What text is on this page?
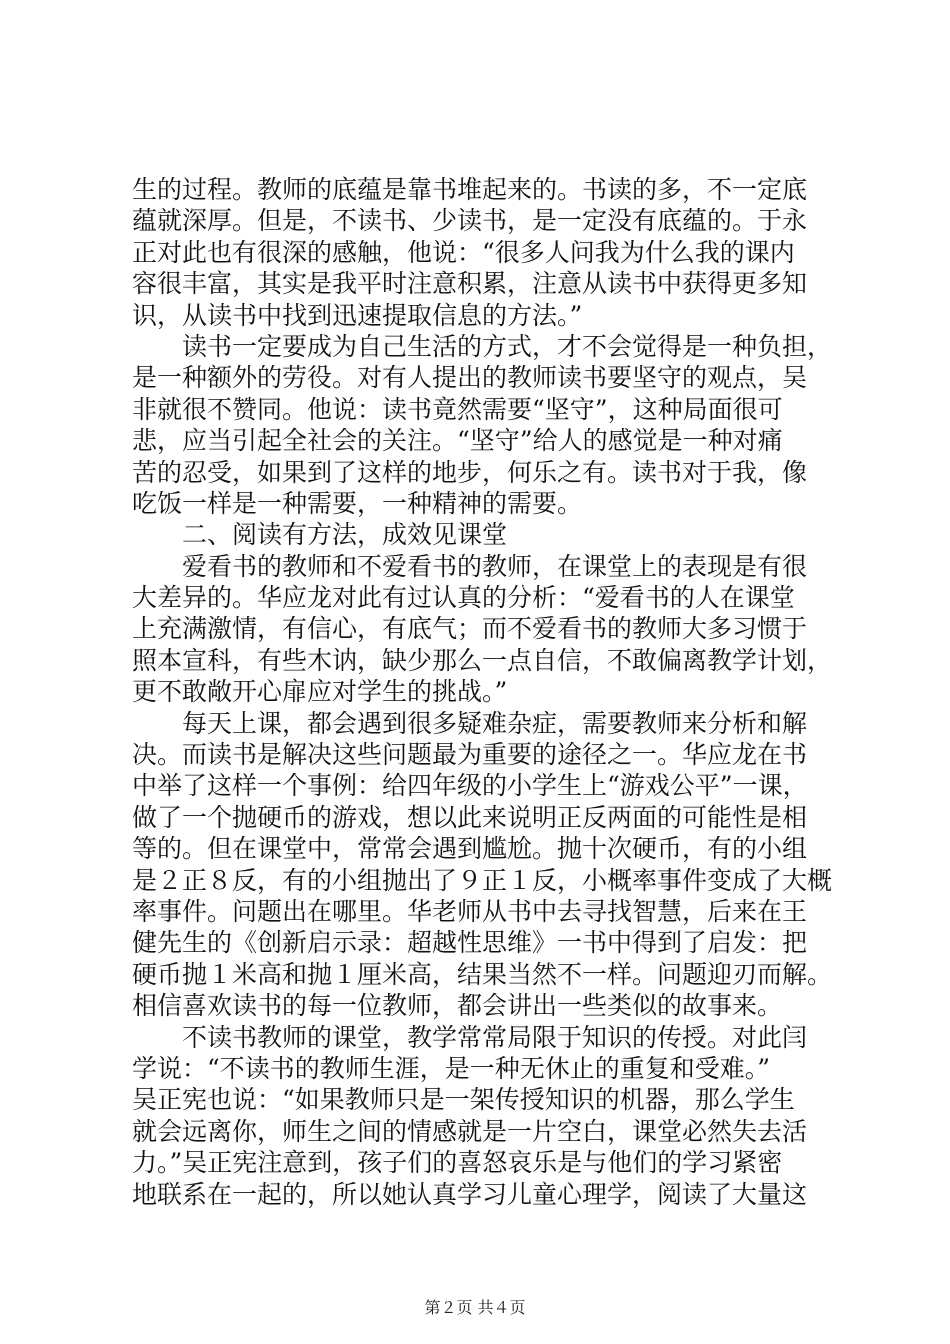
生的过程。教师的底蕴是靠书堆起来的。书读的多，不一定底
蕴就深厚。但是，不读书、少读书，是一定没有底蕴的。于永
正对此也有很深的感触，他说：“很多人问我为什么我的课内
容很丰富，其实是我平时注意积累，注意从读书中获得更多知
识，从读书中找到迅速提取信息的方法。”
读书一定要成为自己生活的方式，才不会觉得是一种负担，
是一种额外的劳役。对有人提出的教师读书要坚守的观点，吴
非就很不赞同。他说：读书竟然需要“坚守”，这种局面很可
悲，应当引起全社会的关注。“坚守”给人的感觉是一种对痛
苦的忍受，如果到了这样的地步，何乐之有。读书对于我，像
吃饭一样是一种需要，一种精神的需要。
二、阅读有方法，成效见课堂
爱看书的教师和不爱看书的教师，在课堂上的表现是有很
大差异的。华应龙对此有过认真的分析：“爱看书的人在课堂
上充满激情，有信心，有底气；而不爱看书的教师大多习惯于
照本宣科，有些木讷，缺少那么一点自信，不敢偏离教学计划，
更不敢敞开心扉应对学生的挑战。”
每天上课，都会遇到很多疑难杂症，需要教师来分析和解
决。而读书是解决这些问题最为重要的途径之一。华应龙在书
中举了这样一个事例：给四年级的小学生上“游戏公平”一课，
做了一个抛硬币的游戏，想以此来说明正反两面的可能性是相
等的。但在课堂中，常常会遇到尴尬。抛十次硬币，有的小组
是２正８反，有的小组抛出了９正１反，小概率事件变成了大概
率事件。问题出在哪里。华老师从书中去寻找智慧，后来在王
健先生的《创新启示录：超越性思维》一书中得到了启发：把
硬币抛１米高和抛１厘米高，结果当然不一样。问题迎刃而解。
相信喜欢读书的每一位教师，都会讲出一些类似的故事来。
不读书教师的课堂，教学常常局限于知识的传授。对此闫
学说：“不读书的教师生涯，是一种无休止的重复和受难。”
吴正宪也说：“如果教师只是一架传授知识的机器，那么学生
就会远离你，师生之间的情感就是一片空白，课堂必然失去活
力。”吴正宪注意到，孩子们的喜怒哀乐是与他们的学习紧密
地联系在一起的，所以她认真学习儿童心理学，阅读了大量这
第２页 共４页
